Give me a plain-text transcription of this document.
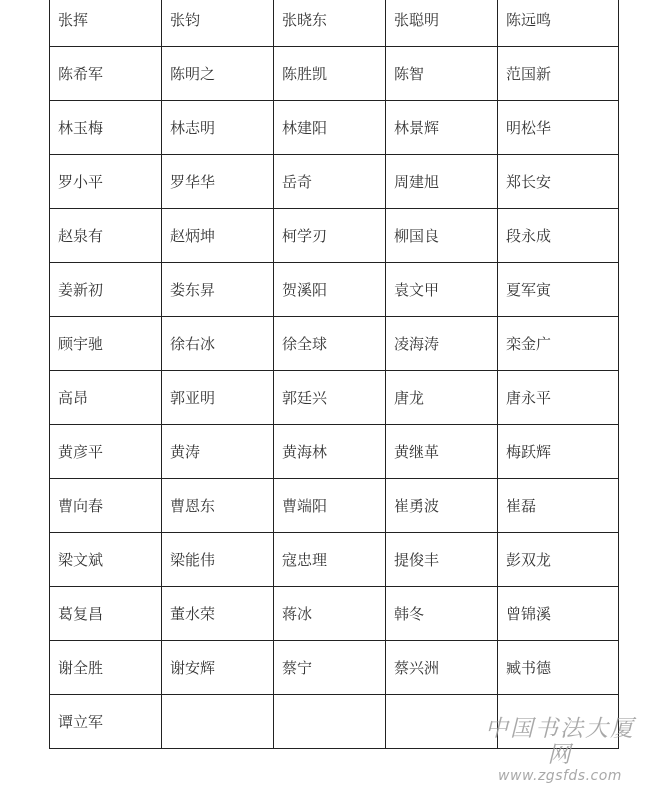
张挥	张钧	张晓东	张聪明	陈远鸣
陈希军	陈明之	陈胜凯	陈智	范国新
林玉梅	林志明	林建阳	林景辉	明松华
罗小平	罗华华	岳奇	周建旭	郑长安
赵泉有	赵炳坤	柯学刃	柳国良	段永成
姜新初	娄东昇	贺溪阳	袁文甲	夏军寅
顾宇驰	徐右冰	徐全球	凌海涛	栾金广
高昂	郭亚明	郭廷兴	唐龙	唐永平
黄彦平	黄涛	黄海林	黄继革	梅跃辉
曹向春	曹恩东	曹端阳	崔勇波	崔磊
梁文斌	梁能伟	寇忠理	提俊丰	彭双龙
葛复昌	董水荣	蒋冰	韩冬	曾锦溪
谢全胜	谢安辉	蔡宁	蔡兴洲	臧书德
谭立军					中国书法大厦网
www.zgsfds.com
